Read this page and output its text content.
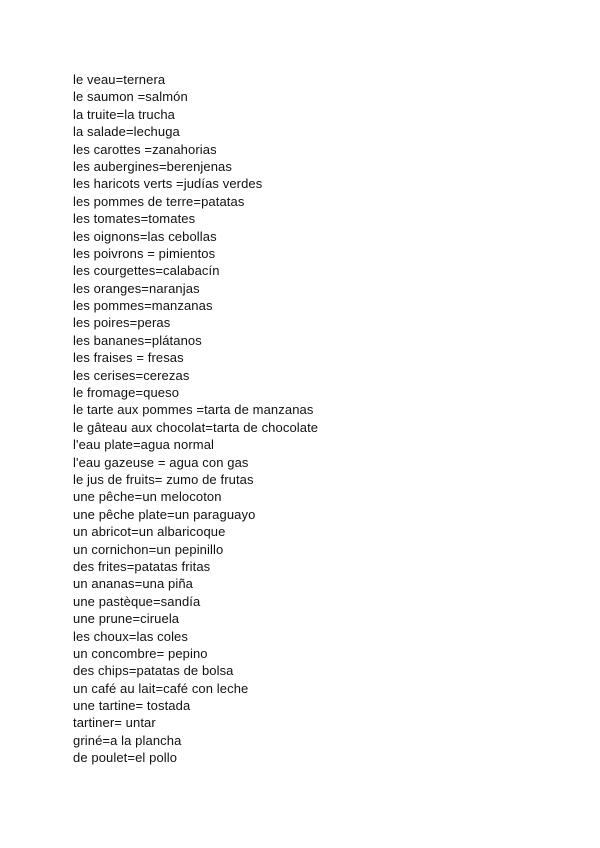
le veau=ternera
le saumon =salmón
la truite=la trucha
la salade=lechuga
les carottes =zanahorias
les aubergines=berenjenas
les haricots verts =judías verdes
les pommes de terre=patatas
les tomates=tomates
les oignons=las cebollas
les poivrons = pimientos
les courgettes=calabacín
les oranges=naranjas
les pommes=manzanas
les poires=peras
les bananes=plátanos
les fraises = fresas
les cerises=cerezas
le fromage=queso
le tarte aux pommes =tarta de manzanas
le gâteau aux chocolat=tarta de chocolate
l'eau plate=agua normal
l'eau gazeuse = agua con gas
le jus de fruits= zumo de frutas
une pêche=un melocoton
une pêche plate=un paraguayo
un abricot=un albaricoque
un cornichon=un pepinillo
des frites=patatas fritas
un ananas=una piña
une pastèque=sandía
une prune=ciruela
les choux=las coles
un concombre= pepino
des chips=patatas de bolsa
un café au lait=café con leche
une tartine= tostada
tartiner= untar
griné=a la plancha
de poulet=el pollo
